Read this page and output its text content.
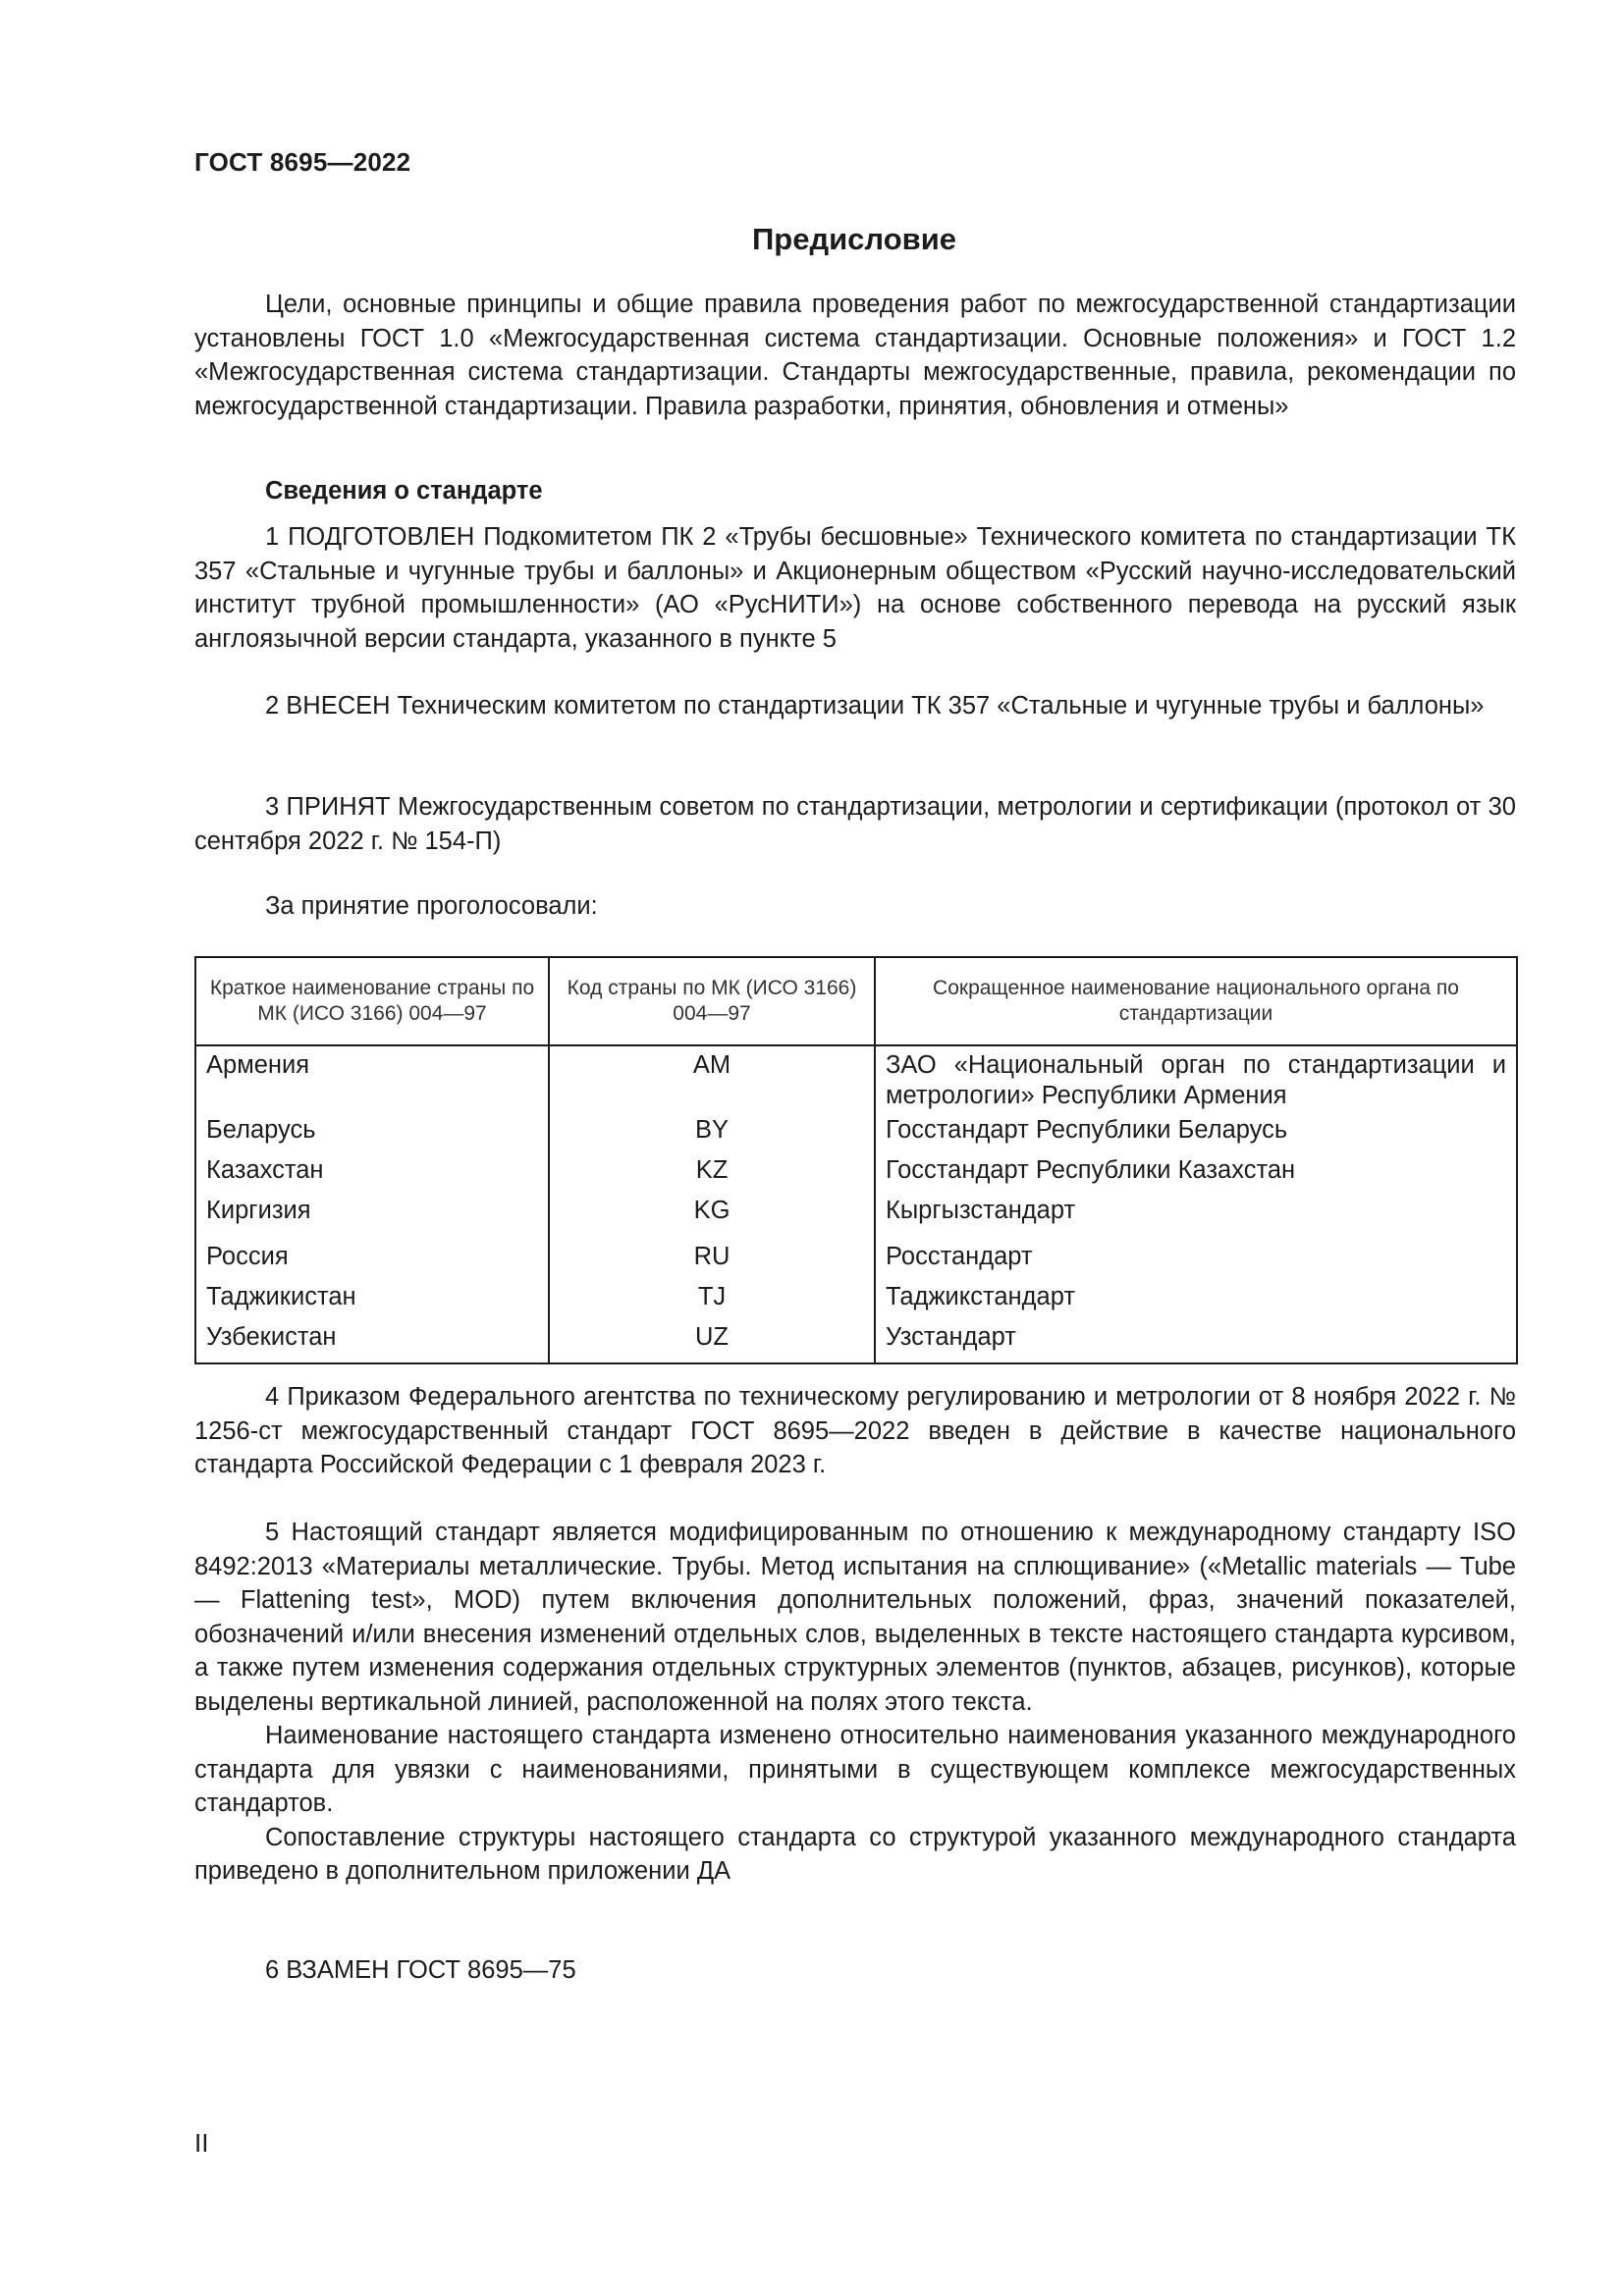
ГОСТ 8695—2022
Предисловие

Цели, основные принципы и общие правила проведения работ по межгосударственной стандартизации установлены ГОСТ 1.0 «Межгосударственная система стандартизации. Основные положения» и ГОСТ 1.2 «Межгосударственная система стандартизации. Стандарты межгосударственные, правила, рекомендации по межгосударственной стандартизации. Правила разработки, принятия, обновления и отмены»

Сведения о стандарте

1 ПОДГОТОВЛЕН Подкомитетом ПК 2 «Трубы бесшовные» Технического комитета по стандартизации ТК 357 «Стальные и чугунные трубы и баллоны» и Акционерным обществом «Русский научно-исследовательский институт трубной промышленности» (АО «РусНИТИ») на основе собственного перевода на русский язык англоязычной версии стандарта, указанного в пункте 5

2 ВНЕСЕН Техническим комитетом по стандартизации ТК 357 «Стальные и чугунные трубы и баллоны»

3 ПРИНЯТ Межгосударственным советом по стандартизации, метрологии и сертификации (протокол от 30 сентября 2022 г. № 154-П)

За принятие проголосовали:

Краткое наименование страны по МК (ИСО 3166) 004—97	Код страны по МК (ИСО 3166) 004—97	Сокращенное наименование национального органа по стандартизации
Армения	AM	ЗАО «Национальный орган по стандартизации и метрологии» Республики Армения
Беларусь	BY	Госстандарт Республики Беларусь
Казахстан	KZ	Госстандарт Республики Казахстан
Киргизия	KG	Кыргызстандарт
Россия	RU	Росстандарт
Таджикистан	TJ	Таджикстандарт
Узбекистан	UZ	Узстандарт

4 Приказом Федерального агентства по техническому регулированию и метрологии от 8 ноября 2022 г. № 1256-ст межгосударственный стандарт ГОСТ 8695—2022 введен в действие в качестве национального стандарта Российской Федерации с 1 февраля 2023 г.

5 Настоящий стандарт является модифицированным по отношению к международному стандарту ISO 8492:2013 «Материалы металлические. Трубы. Метод испытания на сплющивание» («Metallic materials — Tube — Flattening test», MOD) путем включения дополнительных положений, фраз, значений показателей, обозначений и/или внесения изменений отдельных слов, выделенных в тексте настоящего стандарта курсивом, а также путем изменения содержания отдельных структурных элементов (пунктов, абзацев, рисунков), которые выделены вертикальной линией, расположенной на полях этого текста.

Наименование настоящего стандарта изменено относительно наименования указанного международного стандарта для увязки с наименованиями, принятыми в существующем комплексе межгосударственных стандартов.

Сопоставление структуры настоящего стандарта со структурой указанного международного стандарта приведено в дополнительном приложении ДА

6 ВЗАМЕН ГОСТ 8695—75

II
